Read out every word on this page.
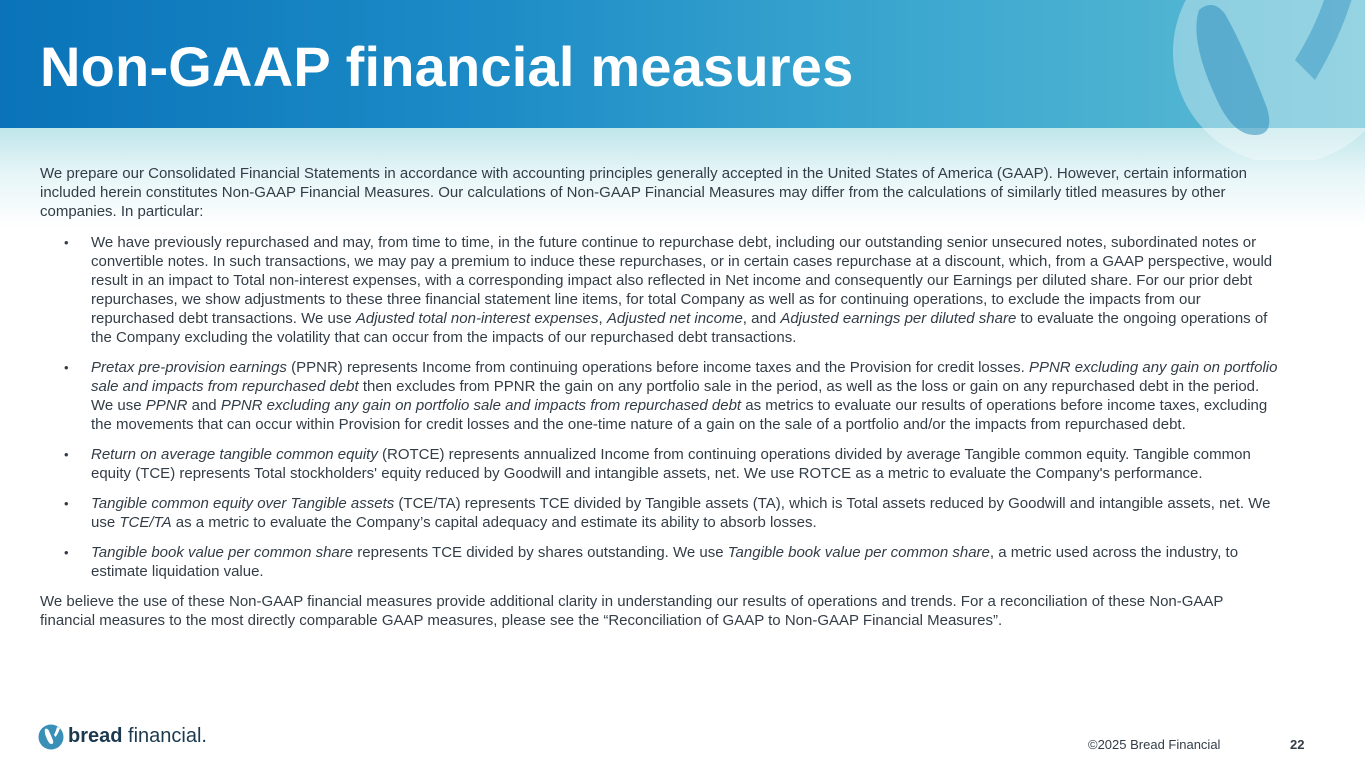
Non-GAAP financial measures

We prepare our Consolidated Financial Statements in accordance with accounting principles generally accepted in the United States of America (GAAP). However, certain information included herein constitutes Non-GAAP Financial Measures. Our calculations of Non-GAAP Financial Measures may differ from the calculations of similarly titled measures by other companies. In particular:

• We have previously repurchased and may, from time to time, in the future continue to repurchase debt, including our outstanding senior unsecured notes, subordinated notes or convertible notes. In such transactions, we may pay a premium to induce these repurchases, or in certain cases repurchase at a discount, which, from a GAAP perspective, would result in an impact to Total non-interest expenses, with a corresponding impact also reflected in Net income and consequently our Earnings per diluted share. For our prior debt repurchases, we show adjustments to these three financial statement line items, for total Company as well as for continuing operations, to exclude the impacts from our repurchased debt transactions. We use Adjusted total non-interest expenses, Adjusted net income, and Adjusted earnings per diluted share to evaluate the ongoing operations of the Company excluding the volatility that can occur from the impacts of our repurchased debt transactions.
• Pretax pre-provision earnings (PPNR) represents Income from continuing operations before income taxes and the Provision for credit losses. PPNR excluding any gain on portfolio sale and impacts from repurchased debt then excludes from PPNR the gain on any portfolio sale in the period, as well as the loss or gain on any repurchased debt in the period. We use PPNR and PPNR excluding any gain on portfolio sale and impacts from repurchased debt as metrics to evaluate our results of operations before income taxes, excluding the movements that can occur within Provision for credit losses and the one-time nature of a gain on the sale of a portfolio and/or the impacts from repurchased debt.
• Return on average tangible common equity (ROTCE) represents annualized Income from continuing operations divided by average Tangible common equity. Tangible common equity (TCE) represents Total stockholders' equity reduced by Goodwill and intangible assets, net. We use ROTCE as a metric to evaluate the Company's performance.
• Tangible common equity over Tangible assets (TCE/TA) represents TCE divided by Tangible assets (TA), which is Total assets reduced by Goodwill and intangible assets, net. We use TCE/TA as a metric to evaluate the Company’s capital adequacy and estimate its ability to absorb losses.
• Tangible book value per common share represents TCE divided by shares outstanding. We use Tangible book value per common share, a metric used across the industry, to estimate liquidation value.

We believe the use of these Non-GAAP financial measures provide additional clarity in understanding our results of operations and trends. For a reconciliation of these Non-GAAP financial measures to the most directly comparable GAAP measures, please see the “Reconciliation of GAAP to Non-GAAP Financial Measures”.

bread financial.	©2025 Bread Financial	22
